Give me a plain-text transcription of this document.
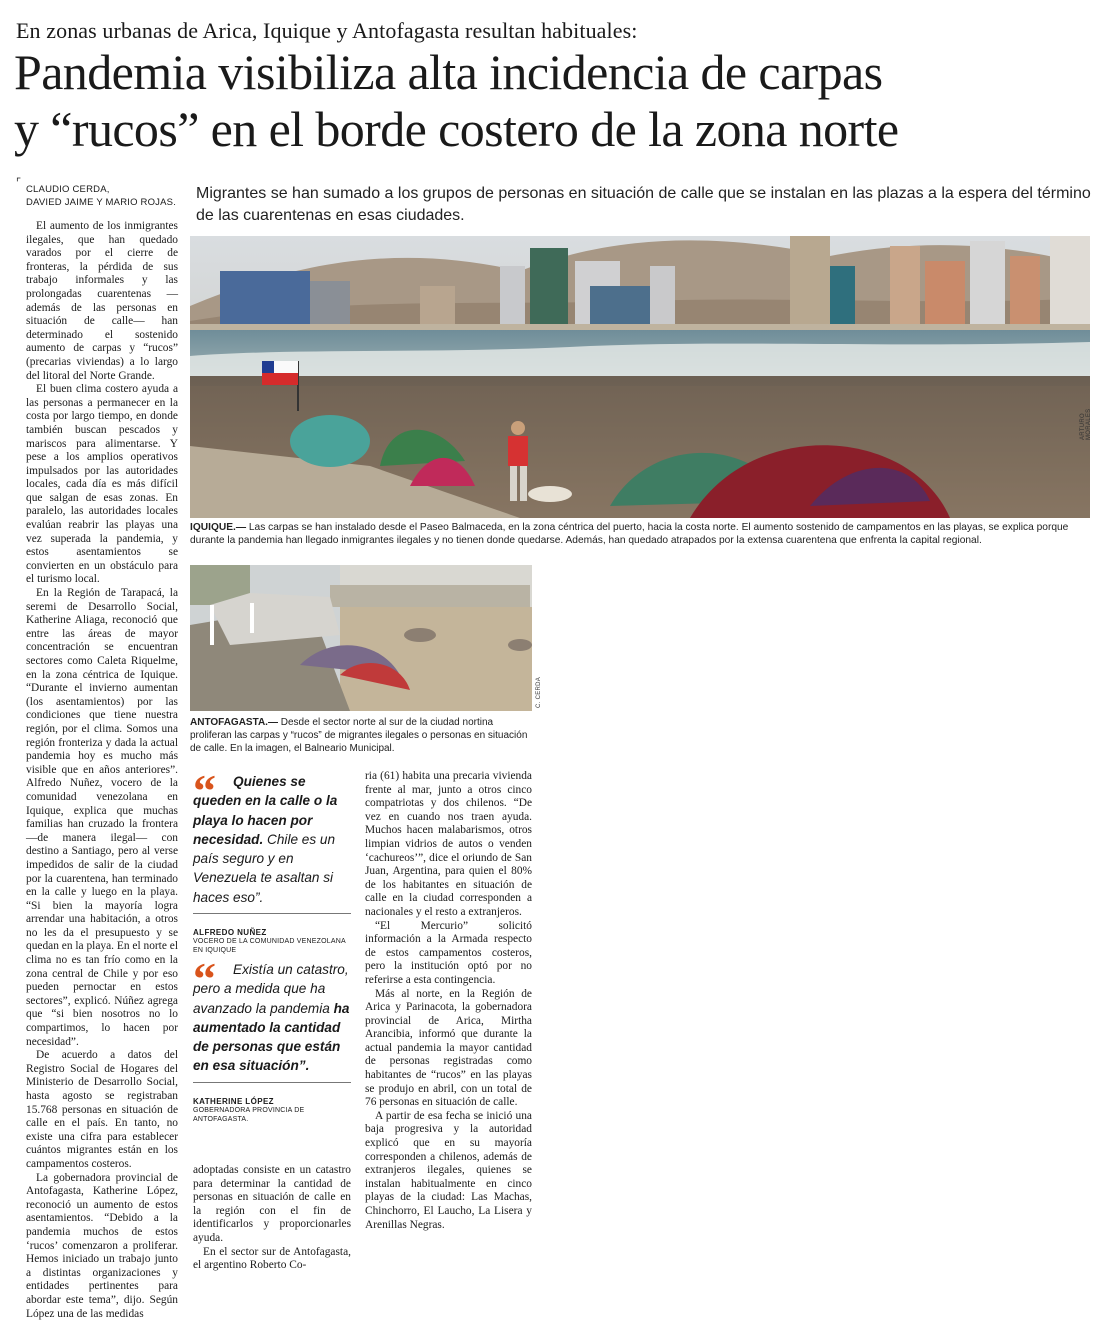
En zonas urbanas de Arica, Iquique y Antofagasta resultan habituales:
Pandemia visibiliza alta incidencia de carpas
y “rucos” en el borde costero de la zona norte
⌜
CLAUDIO CERDA,
DAVIED JAIME Y MARIO ROJAS.
Migrantes se han sumado a los grupos de personas en situación de calle que se instalan en las plazas a la espera del término de las cuarentenas en esas ciudades.

El aumento de los inmigrantes ilegales, que han quedado varados por el cierre de fronteras, la pérdida de sus trabajo informales y las prolongadas cuarentenas —además de las personas en situación de calle— han determinado el sostenido aumento de carpas y “rucos” (precarias viviendas) a lo largo del litoral del Norte Grande.

El buen clima costero ayuda a las personas a permanecer en la costa por largo tiempo, en donde también buscan pescados y mariscos para alimentarse. Y pese a los amplios operativos impulsados por las autoridades locales, cada día es más difícil que salgan de esas zonas. En paralelo, las autoridades locales evalúan reabrir las playas una vez superada la pandemia, y estos asentamientos se convierten en un obstáculo para el turismo local.

En la Región de Tarapacá, la seremi de Desarrollo Social, Katherine Aliaga, reconoció que entre las áreas de mayor concentración se encuentran sectores como Caleta Riquelme, en la zona céntrica de Iquique. “Durante el invierno aumentan (los asentamientos) por las condiciones que tiene nuestra región, por el clima. Somos una región fronteriza y dada la actual pandemia hoy es mucho más visible que en años anteriores”. Alfredo Nuñez, vocero de la comunidad venezolana en Iquique, explica que muchas familias han cruzado la frontera —de manera ilegal— con destino a Santiago, pero al verse impedidos de salir de la ciudad por la cuarentena, han terminado en la calle y luego en la playa. “Si bien la mayoría logra arrendar una habitación, a otros no les da el presupuesto y se quedan en la playa. En el norte el clima no es tan frío como en la zona central de Chile y por eso pueden pernoctar en estos sectores”, explicó. Núñez agrega que “si bien nosotros no lo compartimos, lo hacen por necesidad”.

De acuerdo a datos del Registro Social de Hogares del Ministerio de Desarrollo Social, hasta agosto se registraban 15.768 personas en situación de calle en el país. En tanto, no existe una cifra para establecer cuántos migrantes están en los campamentos costeros.

La gobernadora provincial de Antofagasta, Katherine López, reconoció un aumento de estos asentamientos. “Debido a la pandemia muchos de estos ‘rucos’ comenzaron a proliferar. Hemos iniciado un trabajo junto a distintas organizaciones y entidades pertinentes para abordar este tema”, dijo. Según López una de las medidas

ARTURO MORALES
IQUIQUE.— Las carpas se han instalado desde el Paseo Balmaceda, en la zona céntrica del puerto, hacia la costa norte. El aumento sostenido de campamentos en las playas, se explica porque durante la pandemia han llegado inmigrantes ilegales y no tienen donde quedarse. Además, han quedado atrapados por la extensa cuarentena que enfrenta la capital regional.
C. CERDA
ANTOFAGASTA.— Desde el sector norte al sur de la ciudad nortina proliferan las carpas y “rucos” de migrantes ilegales o personas en situación de calle. En la imagen, el Balneario Municipal.
“	Quienes se queden en la calle o la playa lo hacen por necesidad. Chile es un país seguro y en Venezuela te asaltan si haces eso”.
ALFREDO NUÑEZ
VOCERO DE LA COMUNIDAD VENEZOLANA EN IQUIQUE
“	Existía un catastro, pero a medida que ha avanzado la pandemia ha aumentado la cantidad de personas que están en esa situación”.
KATHERINE LÓPEZ
GOBERNADORA PROVINCIA DE ANTOFAGASTA.

ria (61) habita una precaria vivienda frente al mar, junto a otros cinco compatriotas y dos chilenos. “De vez en cuando nos traen ayuda. Muchos hacen malabarismos, otros limpian vidrios de autos o venden ‘cachureos’”, dice el oriundo de San Juan, Argentina, para quien el 80% de los habitantes en situación de calle en la ciudad corresponden a nacionales y el resto a extranjeros.

“El Mercurio” solicitó información a la Armada respecto de estos campamentos costeros, pero la institución optó por no referirse a esta contingencia.

Más al norte, en la Región de Arica y Parinacota, la gobernadora provincial de Arica, Mirtha Arancibia, informó que durante la actual pandemia la mayor cantidad de personas registradas como habitantes de “rucos” en las playas se produjo en abril, con un total de 76 personas en situación de calle.

A partir de esa fecha se inició una baja progresiva y la autoridad explicó que en su mayoría corresponden a chilenos, además de extranjeros ilegales, quienes se instalan habitualmente en cinco playas de la ciudad: Las Machas, Chinchorro, El Laucho, La Lisera y Arenillas Negras.

adoptadas consiste en un catastro para determinar la cantidad de personas en situación de calle en la región con el fin de identificarlos y proporcionarles ayuda.

En el sector sur de Antofagasta, el argentino Roberto Co-
